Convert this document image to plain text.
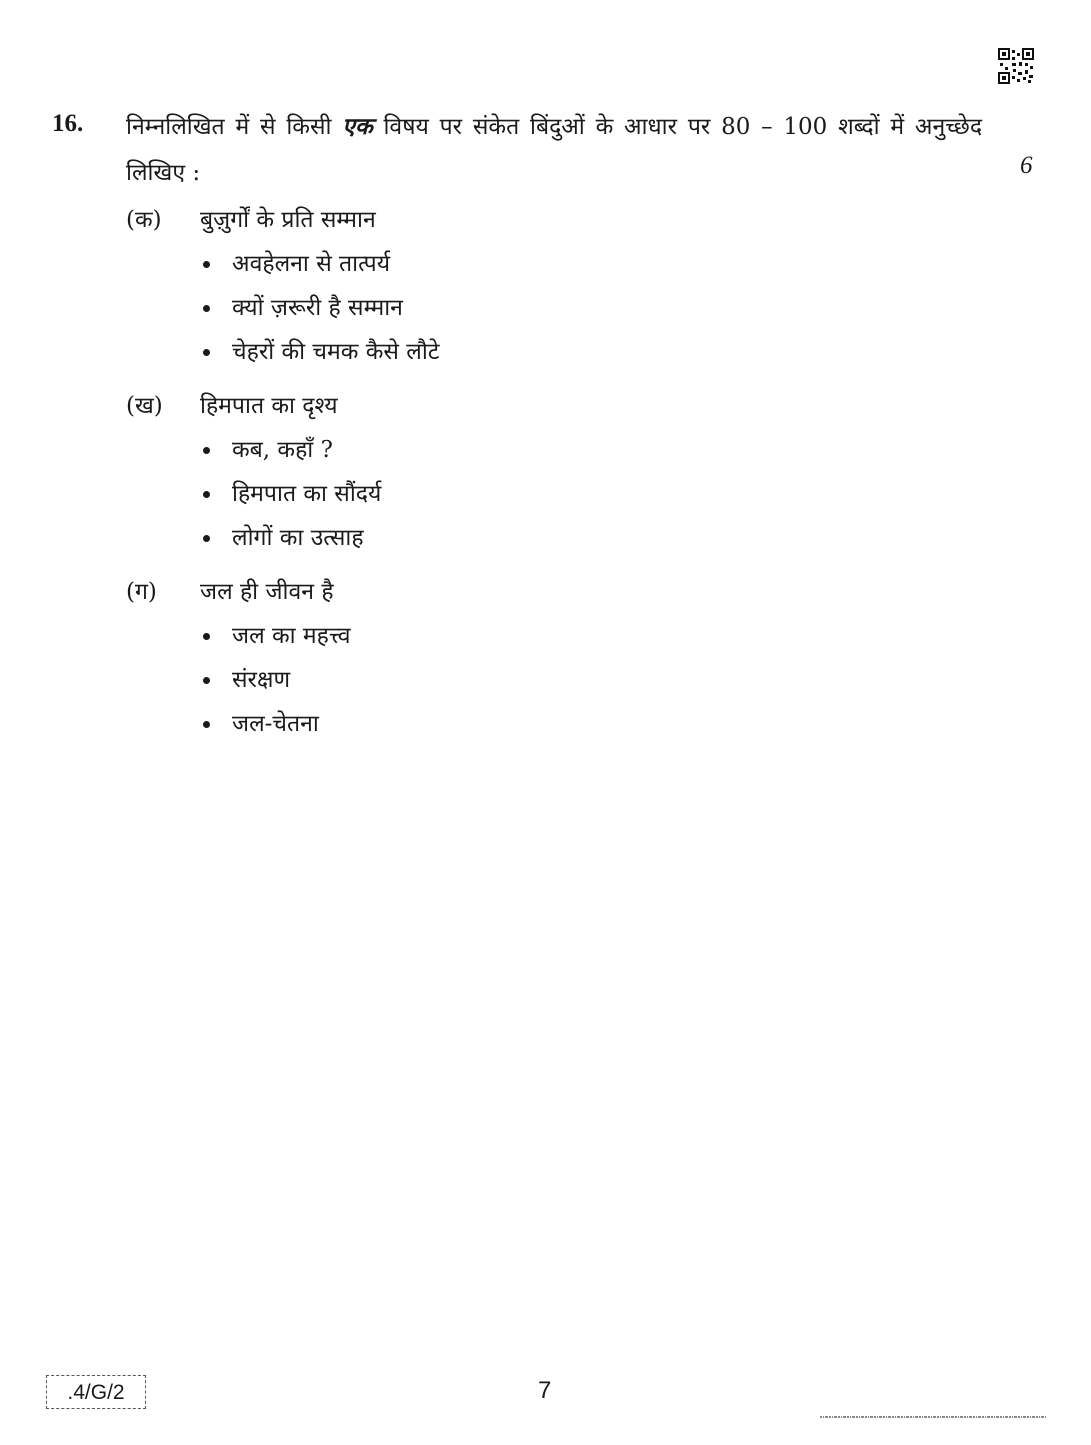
16. निम्नलिखित में से किसी एक विषय पर संकेत बिंदुओं के आधार पर 80 – 100 शब्दों में अनुच्छेद लिखिए :	6
(क) बुज़ुर्गों के प्रति सम्मान
अवहेलना से तात्पर्य
क्यों ज़रूरी है सम्मान
चेहरों की चमक कैसे लौटे
(ख) हिमपात का दृश्य
कब, कहाँ ?
हिमपात का सौंदर्य
लोगों का उत्साह
(ग) जल ही जीवन है
जल का महत्त्व
संरक्षण
जल-चेतना
.4/G/2	7
